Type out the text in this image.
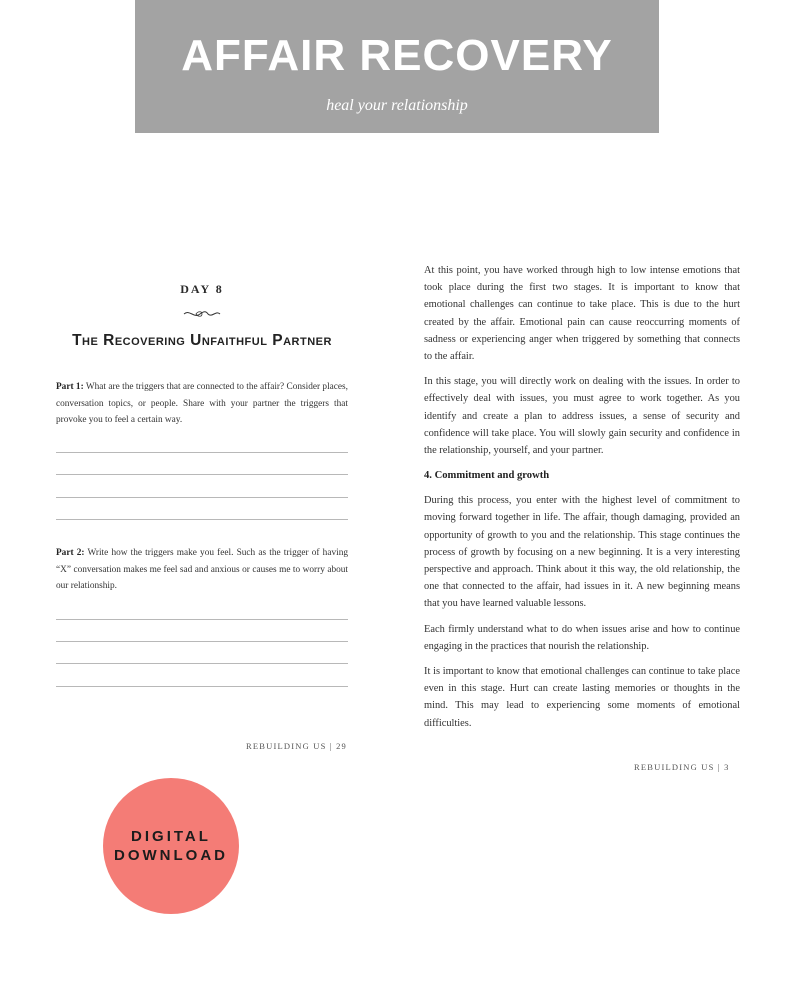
AFFAIR RECOVERY
heal your relationship
DAY 8
The Recovering Unfaithful Partner
Part 1: What are the triggers that are connected to the affair? Consider places, conversation topics, or people. Share with your partner the triggers that provoke you to feel a certain way.
Part 2: Write how the triggers make you feel. Such as the trigger of having “X” conversation makes me feel sad and anxious or causes me to worry about our relationship.
REBUILDING US | 29

At this point, you have worked through high to low intense emotions that took place during the first two stages. It is important to know that emotional challenges can continue to take place. This is due to the hurt created by the affair. Emotional pain can cause reoccurring moments of sadness or experiencing anger when triggered by something that connects to the affair.

In this stage, you will directly work on dealing with the issues. In order to effectively deal with issues, you must agree to work together. As you identify and create a plan to address issues, a sense of security and confidence will take place. You will slowly gain security and confidence in the relationship, yourself, and your partner.

4. Commitment and growth

During this process, you enter with the highest level of commitment to moving forward together in life. The affair, though damaging, provided an opportunity of growth to you and the relationship. This stage continues the process of growth by focusing on a new beginning. It is a very interesting perspective and approach. Think about it this way, the old relationship, the one that connected to the affair, had issues in it. A new beginning means that you have learned valuable lessons.

Each firmly understand what to do when issues arise and how to continue engaging in the practices that nourish the relationship.

It is important to know that emotional challenges can continue to take place even in this stage. Hurt can create lasting memories or thoughts in the mind. This may lead to experiencing some moments of emotional difficulties.

REBUILDING US | 3
DIGITAL
DOWNLOAD
